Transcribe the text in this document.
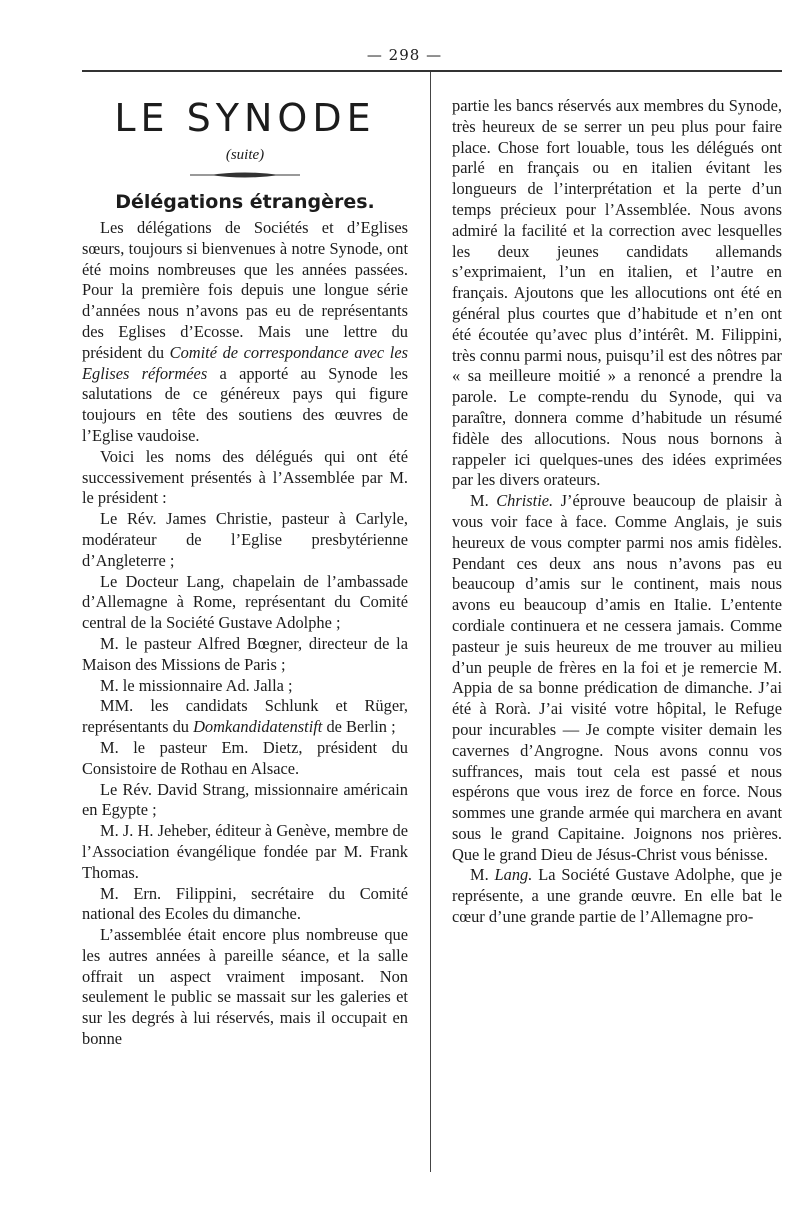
— 298 —
LE SYNODE
(suite)
Délégations étrangères.

Les délégations de Sociétés et d’Eglises sœurs, toujours si bienvenues à notre Synode, ont été moins nombreuses que les années passées. Pour la première fois depuis une longue série d’années nous n’avons pas eu de représentants des Eglises d’Ecosse. Mais une lettre du président du Comité de correspondance avec les Eglises réformées a apporté au Synode les salutations de ce généreux pays qui figure toujours en tête des soutiens des œuvres de l’Eglise vaudoise.

Voici les noms des délégués qui ont été successivement présentés à l’Assemblée par M. le président :

Le Rév. James Christie, pasteur à Carlyle, modérateur de l’Eglise presbytérienne d’Angleterre ;

Le Docteur Lang, chapelain de l’ambassade d’Allemagne à Rome, représentant du Comité central de la Société Gustave Adolphe ;

M. le pasteur Alfred Bœgner, directeur de la Maison des Missions de Paris ;

M. le missionnaire Ad. Jalla ;

MM. les candidats Schlunk et Rüger, représentants du Domkandidatenstift de Berlin ;

M. le pasteur Em. Dietz, président du Consistoire de Rothau en Alsace.

Le Rév. David Strang, missionnaire américain en Egypte ;

M. J. H. Jeheber, éditeur à Genève, membre de l’Association évangélique fondée par M. Frank Thomas.

M. Ern. Filippini, secrétaire du Comité national des Ecoles du dimanche.

L’assemblée était encore plus nombreuse que les autres années à pareille séance, et la salle offrait un aspect vraiment imposant. Non seulement le public se massait sur les galeries et sur les degrés à lui réservés, mais il occupait en bonne

partie les bancs réservés aux membres du Synode, très heureux de se serrer un peu plus pour faire place. Chose fort louable, tous les délégués ont parlé en français ou en italien évitant les longueurs de l’interprétation et la perte d’un temps précieux pour l’Assemblée. Nous avons admiré la facilité et la correction avec lesquelles les deux jeunes candidats allemands s’exprimaient, l’un en italien, et l’autre en français. Ajoutons que les allocutions ont été en général plus courtes que d’habitude et n’en ont été écoutée qu’avec plus d’intérêt. M. Filippini, très connu parmi nous, puisqu’il est des nôtres par « sa meilleure moitié » a renoncé a prendre la parole. Le compte-rendu du Synode, qui va paraître, donnera comme d’habitude un résumé fidèle des allocutions. Nous nous bornons à rappeler ici quelques-unes des idées exprimées par les divers orateurs.

M. Christie. J’éprouve beaucoup de plaisir à vous voir face à face. Comme Anglais, je suis heureux de vous compter parmi nos amis fidèles. Pendant ces deux ans nous n’avons pas eu beaucoup d’amis sur le continent, mais nous avons eu beaucoup d’amis en Italie. L’entente cordiale continuera et ne cessera jamais. Comme pasteur je suis heureux de me trouver au milieu d’un peuple de frères en la foi et je remercie M. Appia de sa bonne prédication de dimanche. J’ai été à Rorà. J’ai visité votre hôpital, le Refuge pour incurables — Je compte visiter demain les cavernes d’Angrogne. Nous avons connu vos suffrances, mais tout cela est passé et nous espérons que vous irez de force en force. Nous sommes une grande armée qui marchera en avant sous le grand Capitaine. Joignons nos prières. Que le grand Dieu de Jésus-Christ vous bénisse.

M. Lang. La Société Gustave Adolphe, que je représente, a une grande œuvre. En elle bat le cœur d’une grande partie de l’Allemagne pro-
